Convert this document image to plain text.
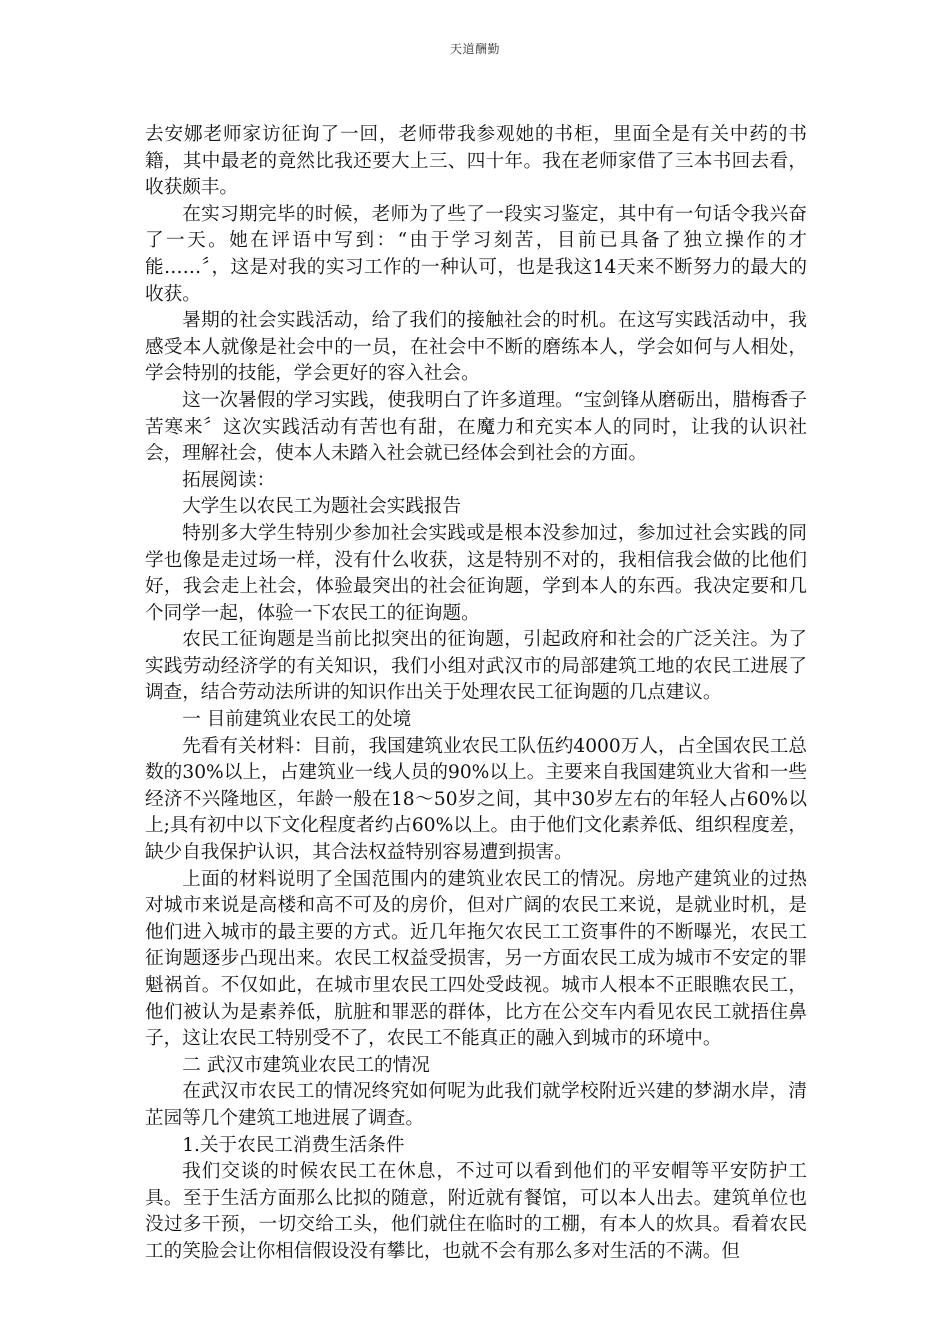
天道酬勤

去安娜老师家访征询了一回，老师带我参观她的书柜，里面全是有关中药的书籍，其中最老的竟然比我还要大上三、四十年。我在老师家借了三本书回去看，收获颇丰。

在实习期完毕的时候，老师为了些了一段实习鉴定，其中有一句话令我兴奋了一天。她在评语中写到：“由于学习刻苦，目前已具备了独立操作的才能……〞，这是对我的实习工作的一种认可，也是我这14天来不断努力的最大的收获。

暑期的社会实践活动，给了我们的接触社会的时机。在这写实践活动中，我感受本人就像是社会中的一员，在社会中不断的磨练本人，学会如何与人相处，学会特别的技能，学会更好的容入社会。

这一次暑假的学习实践，使我明白了许多道理。“宝剑锋从磨砺出，腊梅香子苦寒来〞这次实践活动有苦也有甜，在魔力和充实本人的同时，让我的认识社会，理解社会，使本人未踏入社会就已经体会到社会的方面。

拓展阅读：

大学生以农民工为题社会实践报告

特别多大学生特别少参加社会实践或是根本没参加过，参加过社会实践的同学也像是走过场一样，没有什么收获，这是特别不对的，我相信我会做的比他们好，我会走上社会，体验最突出的社会征询题，学到本人的东西。我决定要和几个同学一起，体验一下农民工的征询题。

农民工征询题是当前比拟突出的征询题，引起政府和社会的广泛关注。为了实践劳动经济学的有关知识，我们小组对武汉市的局部建筑工地的农民工进展了调查，结合劳动法所讲的知识作出关于处理农民工征询题的几点建议。

一 目前建筑业农民工的处境

先看有关材料：目前，我国建筑业农民工队伍约4000万人，占全国农民工总数的30%以上，占建筑业一线人员的90%以上。主要来自我国建筑业大省和一些经济不兴隆地区，年龄一般在18～50岁之间，其中30岁左右的年轻人占60%以上;具有初中以下文化程度者约占60%以上。由于他们文化素养低、组织程度差，缺少自我保护认识，其合法权益特别容易遭到损害。

上面的材料说明了全国范围内的建筑业农民工的情况。房地产建筑业的过热对城市来说是高楼和高不可及的房价，但对广阔的农民工来说，是就业时机，是他们进入城市的最主要的方式。近几年拖欠农民工工资事件的不断曝光，农民工征询题逐步凸现出来。农民工权益受损害，另一方面农民工成为城市不安定的罪魁祸首。不仅如此，在城市里农民工四处受歧视。城市人根本不正眼瞧农民工，他们被认为是素养低，肮脏和罪恶的群体，比方在公交车内看见农民工就捂住鼻子，这让农民工特别受不了，农民工不能真正的融入到城市的环境中。

二 武汉市建筑业农民工的情况

在武汉市农民工的情况终究如何呢为此我们就学校附近兴建的梦湖水岸，清芷园等几个建筑工地进展了调查。

1.关于农民工消费生活条件

我们交谈的时候农民工在休息，不过可以看到他们的平安帽等平安防护工具。至于生活方面那么比拟的随意，附近就有餐馆，可以本人出去。建筑单位也没过多干预，一切交给工头，他们就住在临时的工棚，有本人的炊具。看着农民工的笑脸会让你相信假设没有攀比，也就不会有那么多对生活的不满。但
